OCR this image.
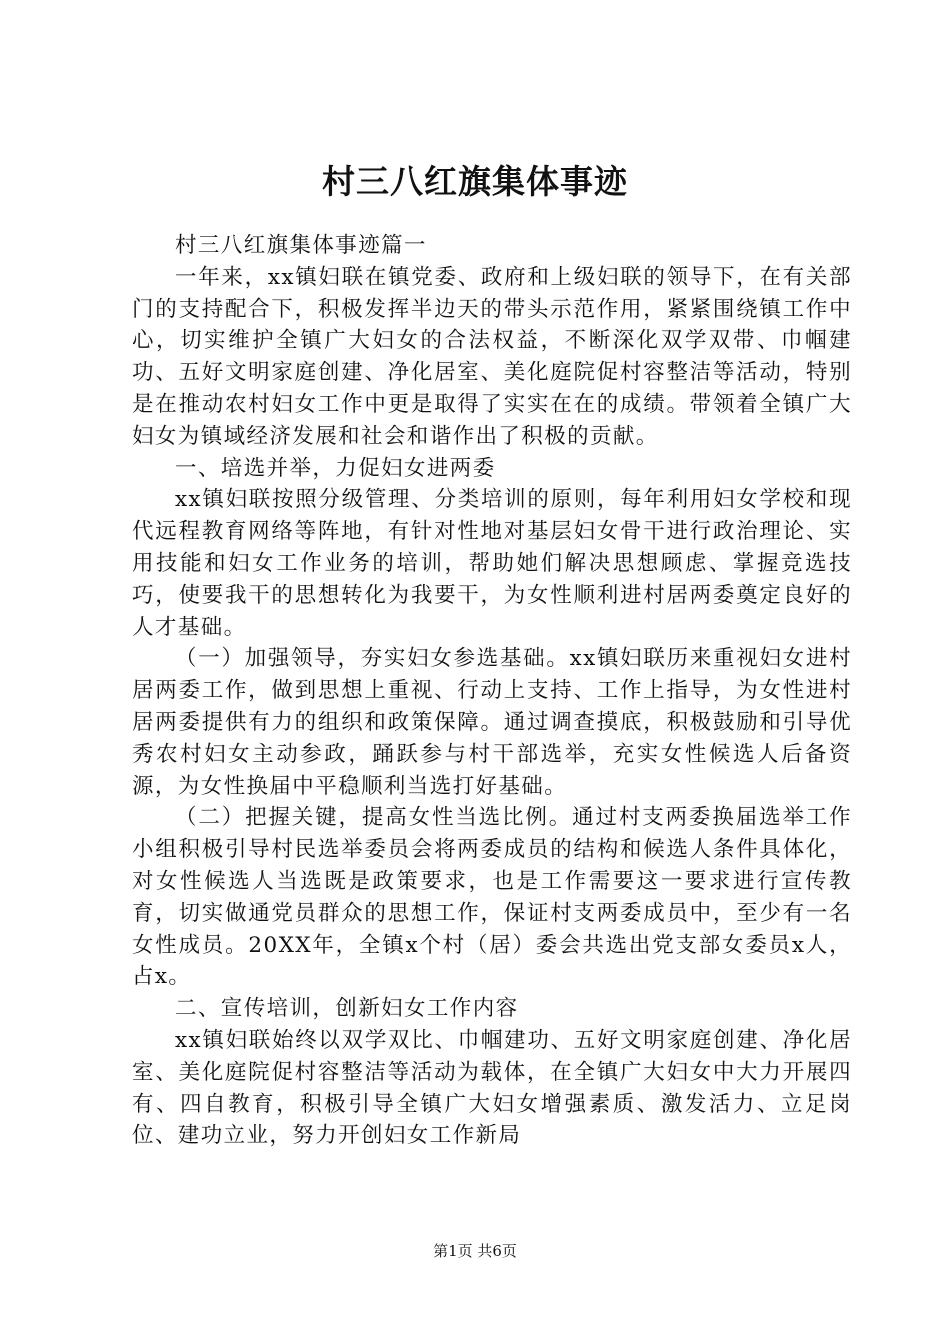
村三八红旗集体事迹

村三八红旗集体事迹篇一

一年来，xx镇妇联在镇党委、政府和上级妇联的领导下，在有关部门的支持配合下，积极发挥半边天的带头示范作用，紧紧围绕镇工作中心，切实维护全镇广大妇女的合法权益，不断深化双学双带、巾帼建功、五好文明家庭创建、净化居室、美化庭院促村容整洁等活动，特别是在推动农村妇女工作中更是取得了实实在在的成绩。带领着全镇广大妇女为镇域经济发展和社会和谐作出了积极的贡献。

一、培选并举，力促妇女进两委

xx镇妇联按照分级管理、分类培训的原则，每年利用妇女学校和现代远程教育网络等阵地，有针对性地对基层妇女骨干进行政治理论、实用技能和妇女工作业务的培训，帮助她们解决思想顾虑、掌握竞选技巧，使要我干的思想转化为我要干，为女性顺利进村居两委奠定良好的人才基础。

（一）加强领导，夯实妇女参选基础。xx镇妇联历来重视妇女进村居两委工作，做到思想上重视、行动上支持、工作上指导，为女性进村居两委提供有力的组织和政策保障。通过调查摸底，积极鼓励和引导优秀农村妇女主动参政，踊跃参与村干部选举，充实女性候选人后备资源，为女性换届中平稳顺利当选打好基础。

（二）把握关键，提高女性当选比例。通过村支两委换届选举工作小组积极引导村民选举委员会将两委成员的结构和候选人条件具体化，对女性候选人当选既是政策要求，也是工作需要这一要求进行宣传教育，切实做通党员群众的思想工作，保证村支两委成员中，至少有一名女性成员。20XX年，全镇x个村（居）委会共选出党支部女委员x人，占x。

二、宣传培训，创新妇女工作内容

xx镇妇联始终以双学双比、巾帼建功、五好文明家庭创建、净化居室、美化庭院促村容整洁等活动为载体，在全镇广大妇女中大力开展四有、四自教育，积极引导全镇广大妇女增强素质、激发活力、立足岗位、建功立业，努力开创妇女工作新局

第1页 共6页
